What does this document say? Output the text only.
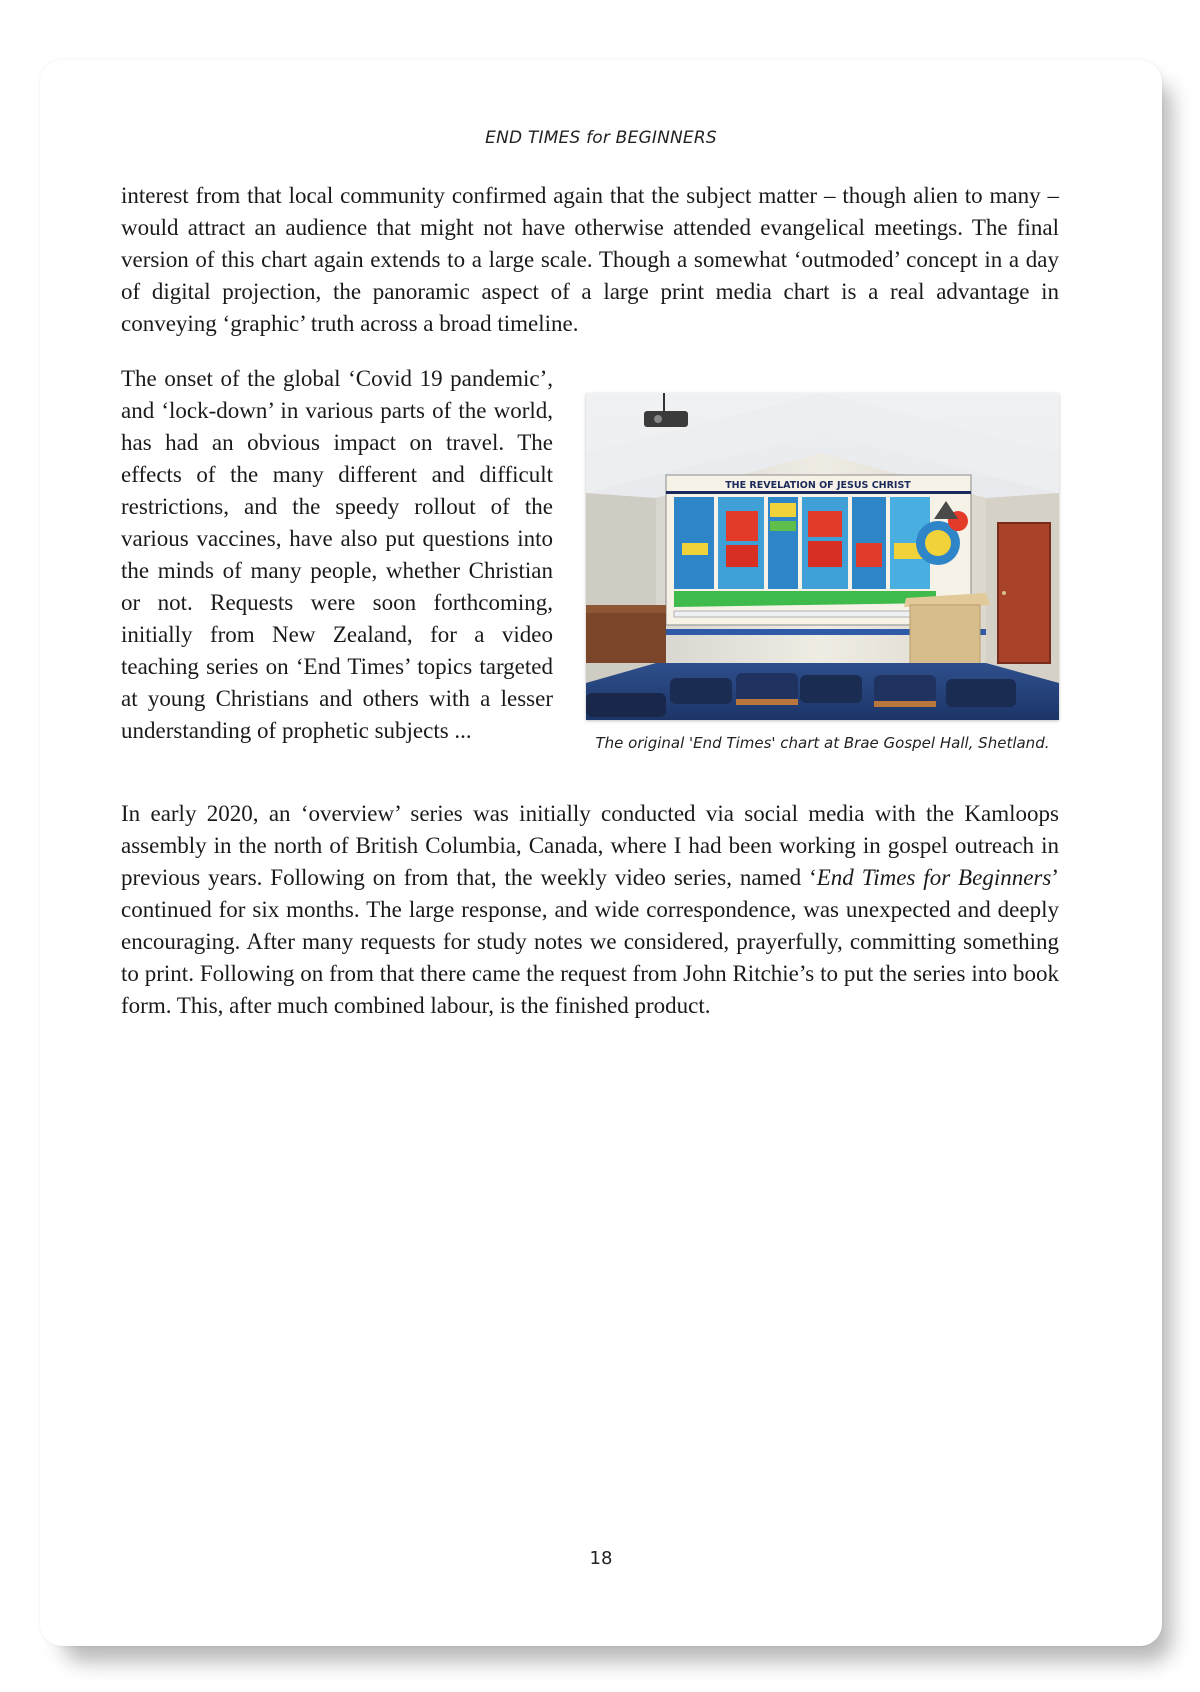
END TIMES for BEGINNERS

interest from that local community confirmed again that the subject matter – though alien to many – would attract an audience that might not have otherwise attended evangelical meetings. The final version of this chart again extends to a large scale. Though a somewhat ‘outmoded’ concept in a day of digital projection, the panoramic aspect of a large print media chart is a real advantage in conveying ‘graphic’ truth across a broad timeline.

The onset of the global ‘Covid 19 pandemic’, and ‘lock-down’ in various parts of the world, has had an obvious impact on travel. The effects of the many different and difficult restrictions, and the speedy rollout of the various vaccines, have also put questions into the minds of many people, whether Christian or not. Requests were soon forthcoming, initially from New Zealand, for a video teaching series on ‘End Times’ topics targeted at young Christians and others with a lesser understanding of prophetic subjects ...

THE REVELATION OF JESUS CHRIST
The original 'End Times' chart at Brae Gospel Hall, Shetland.

In early 2020, an ‘overview’ series was initially conducted via social media with the Kamloops assembly in the north of British Columbia, Canada, where I had been working in gospel outreach in previous years. Following on from that, the weekly video series, named ‘End Times for Beginners’ continued for six months. The large response, and wide correspondence, was unexpected and deeply encouraging. After many requests for study notes we considered, prayerfully, committing something to print. Following on from that there came the request from John Ritchie’s to put the series into book form. This, after much combined labour, is the finished product.

18
